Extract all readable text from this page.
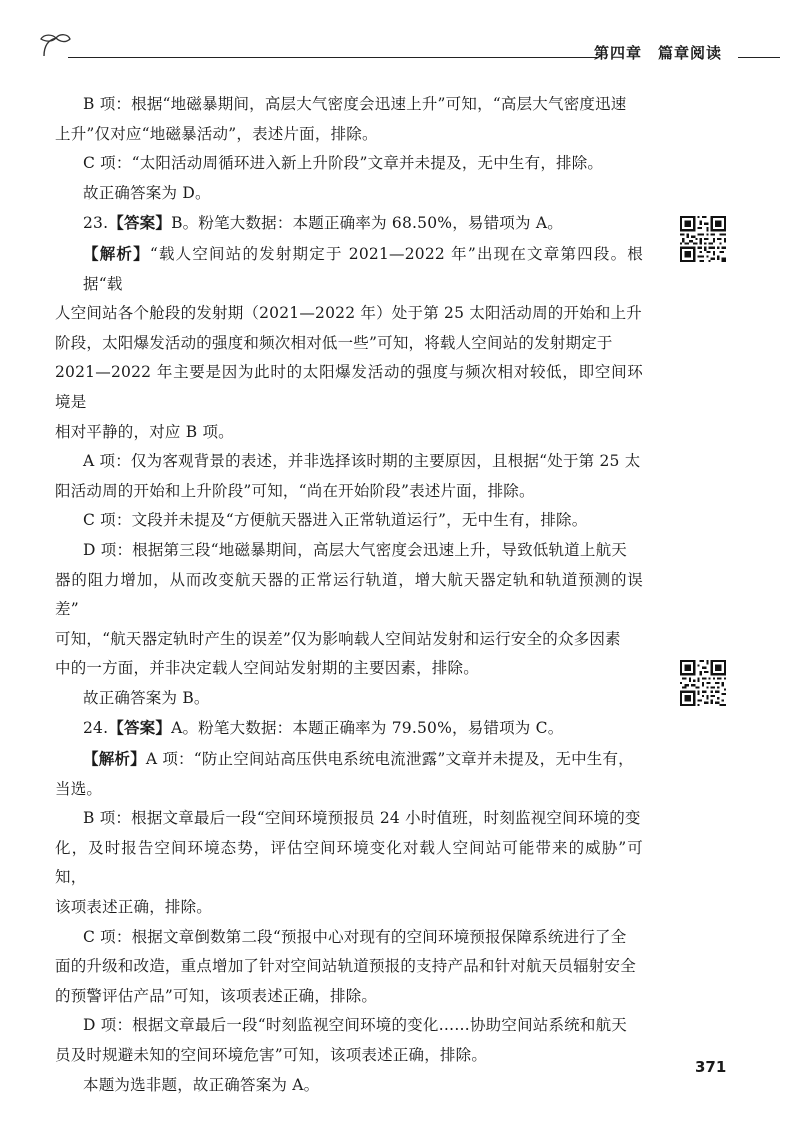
第四章 篇章阅读

B 项：根据“地磁暴期间，高层大气密度会迅速上升”可知，“高层大气密度迅速

上升”仅对应“地磁暴活动”，表述片面，排除。

C 项：“太阳活动周循环进入新上升阶段”文章并未提及，无中生有，排除。

故正确答案为 D。

23.【答案】B。粉笔大数据：本题正确率为 68.50%，易错项为 A。

【解析】“载人空间站的发射期定于 2021—2022 年”出现在文章第四段。根据“载

人空间站各个舱段的发射期（2021—2022 年）处于第 25 太阳活动周的开始和上升

阶段，太阳爆发活动的强度和频次相对低一些”可知，将载人空间站的发射期定于

2021—2022 年主要是因为此时的太阳爆发活动的强度与频次相对较低，即空间环境是

相对平静的，对应 B 项。

A 项：仅为客观背景的表述，并非选择该时期的主要原因，且根据“处于第 25 太

阳活动周的开始和上升阶段”可知，“尚在开始阶段”表述片面，排除。

C 项：文段并未提及“方便航天器进入正常轨道运行”，无中生有，排除。

D 项：根据第三段“地磁暴期间，高层大气密度会迅速上升，导致低轨道上航天

器的阻力增加，从而改变航天器的正常运行轨道，增大航天器定轨和轨道预测的误差”

可知，“航天器定轨时产生的误差”仅为影响载人空间站发射和运行安全的众多因素

中的一方面，并非决定载人空间站发射期的主要因素，排除。

故正确答案为 B。

24.【答案】A。粉笔大数据：本题正确率为 79.50%，易错项为 C。

【解析】A 项：“防止空间站高压供电系统电流泄露”文章并未提及，无中生有，

当选。

B 项：根据文章最后一段“空间环境预报员 24 小时值班，时刻监视空间环境的变

化，及时报告空间环境态势，评估空间环境变化对载人空间站可能带来的威胁”可知，

该项表述正确，排除。

C 项：根据文章倒数第二段“预报中心对现有的空间环境预报保障系统进行了全

面的升级和改造，重点增加了针对空间站轨道预报的支持产品和针对航天员辐射安全

的预警评估产品”可知，该项表述正确，排除。

D 项：根据文章最后一段“时刻监视空间环境的变化……协助空间站系统和航天

员及时规避未知的空间环境危害”可知，该项表述正确，排除。

本题为选非题，故正确答案为 A。

371
